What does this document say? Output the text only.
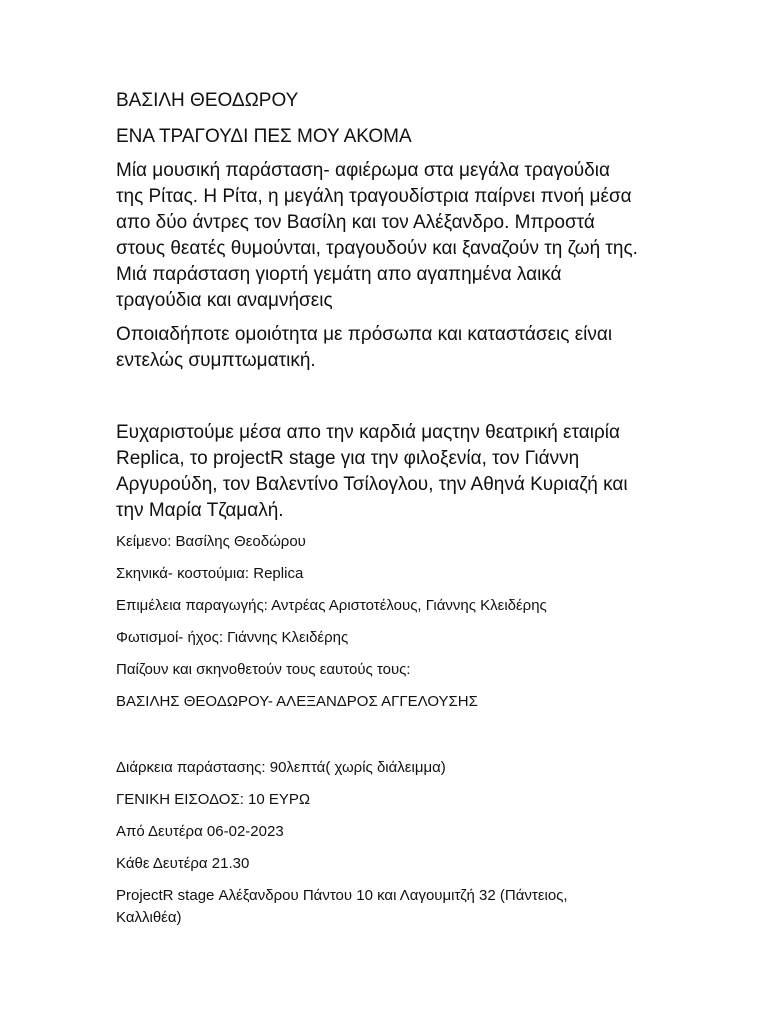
ΒΑΣΙΛΗ ΘΕΟΔΩΡΟΥ
ΕΝΑ ΤΡΑΓΟΥΔΙ ΠΕΣ ΜΟΥ ΑΚΟΜΑ
Μία μουσική παράσταση- αφιέρωμα στα μεγάλα τραγούδια
της Ρίτας. Η Ρίτα, η μεγάλη τραγουδίστρια παίρνει πνοή μέσα
απο δύο άντρες τον Βασίλη και τον Αλέξανδρο. Μπροστά
στους θεατές θυμούνται, τραγουδούν και ξαναζούν τη ζωή της.
Μιά παράσταση γιορτή γεμάτη απο αγαπημένα λαικά
τραγούδια και αναμνήσεις
Οποιαδήποτε ομοιότητα με πρόσωπα και καταστάσεις είναι
εντελώς συμπτωματική.
Ευχαριστούμε μέσα απο την καρδιά μαςτην θεατρική εταιρία
Replica, το projectR stage για την φιλοξενία, τον Γιάννη
Αργυρούδη, τον Βαλεντίνο Τσίλογλου, την Αθηνά Κυριαζή και
την Μαρία Τζαμαλή.
Κείμενο: Βασίλης Θεοδώρου
Σκηνικά- κοστούμια: Replica
Επιμέλεια παραγωγής: Αντρέας Αριστοτέλους, Γιάννης Κλειδέρης
Φωτισμοί- ήχος: Γιάννης Κλειδέρης
Παίζουν και σκηνοθετούν τους εαυτούς τους:
ΒΑΣΙΛΗΣ ΘΕΟΔΩΡΟΥ- ΑΛΕΞΑΝΔΡΟΣ ΑΓΓΕΛΟΥΣΗΣ
Διάρκεια παράστασης: 90λεπτά( χωρίς διάλειμμα)
ΓΕΝΙΚΗ ΕΙΣΟΔΟΣ: 10 ΕΥΡΩ
Από Δευτέρα 06-02-2023
Κάθε Δευτέρα 21.30
ProjectR stage Αλέξανδρου Πάντου 10 και Λαγουμιτζή 32 (Πάντειος,
Καλλιθέα)
